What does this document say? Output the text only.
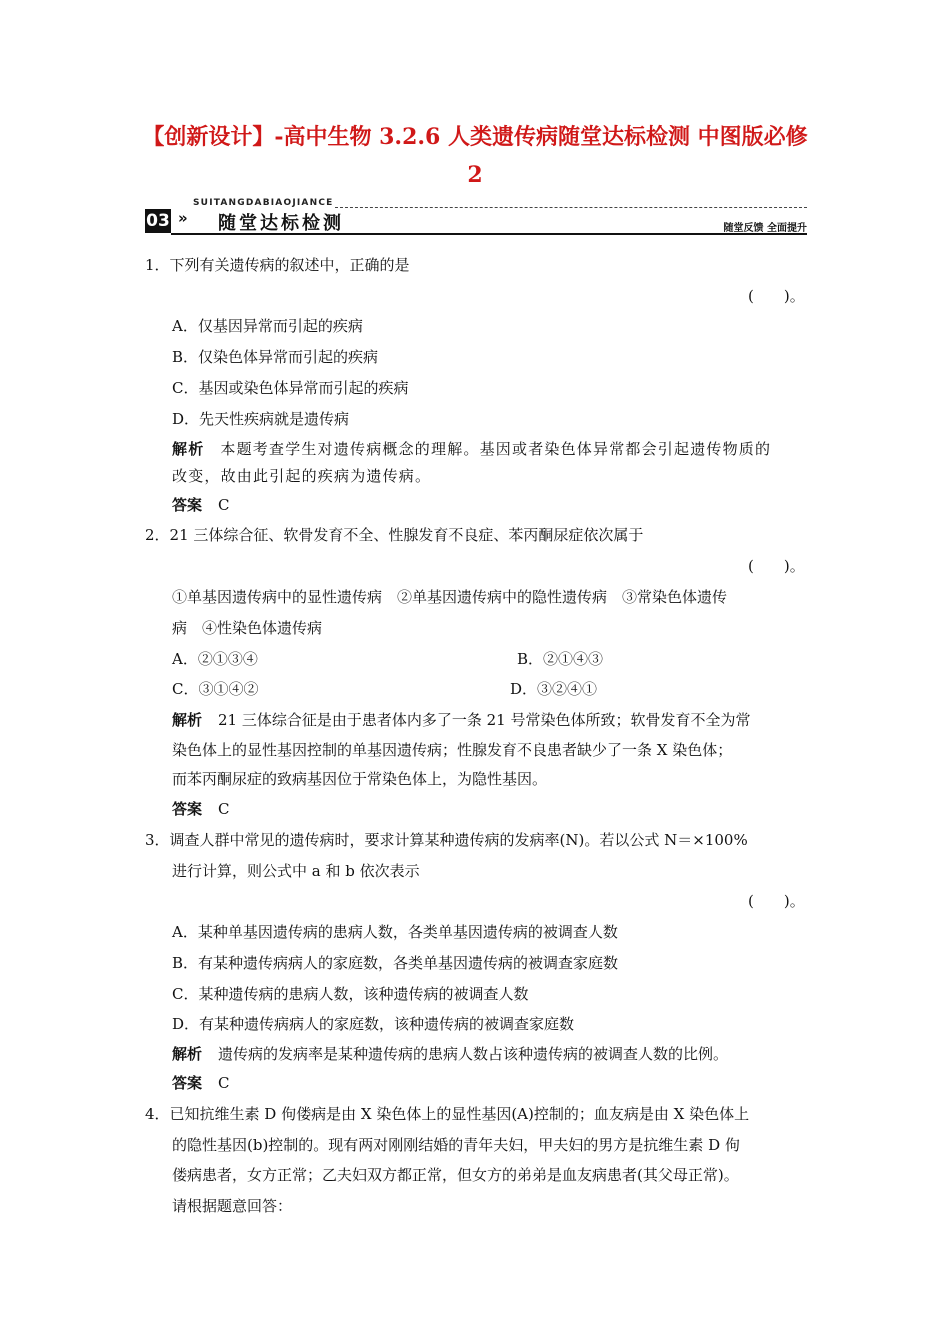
【创新设计】-高中生物 3.2.6 人类遗传病随堂达标检测 中图版必修
2
SUITANGDABIAOJIANCE
03 » 随堂达标检测	随堂反馈 全面提升
1．下列有关遗传病的叙述中，正确的是
(　　)。
A．仅基因异常而引起的疾病
B．仅染色体异常而引起的疾病
C．基因或染色体异常而引起的疾病
D．先天性疾病就是遗传病
解析 本题考查学生对遗传病概念的理解。基因或者染色体异常都会引起遗传物质的
改变，故由此引起的疾病为遗传病。
答案 C
2．21 三体综合征、软骨发育不全、性腺发育不良症、苯丙酮尿症依次属于
(　　)。
①单基因遗传病中的显性遗传病　②单基因遗传病中的隐性遗传病　③常染色体遗传
病　④性染色体遗传病
A．②①③④	B．②①④③
C．③①④②	D．③②④①
解析 21 三体综合征是由于患者体内多了一条 21 号常染色体所致；软骨发育不全为常
染色体上的显性基因控制的单基因遗传病；性腺发育不良患者缺少了一条 X 染色体；
而苯丙酮尿症的致病基因位于常染色体上，为隐性基因。
答案 C
3．调查人群中常见的遗传病时，要求计算某种遗传病的发病率(N)。若以公式 N＝×100%
进行计算，则公式中 a 和 b 依次表示
(　　)。
A．某种单基因遗传病的患病人数，各类单基因遗传病的被调查人数
B．有某种遗传病病人的家庭数，各类单基因遗传病的被调查家庭数
C．某种遗传病的患病人数，该种遗传病的被调查人数
D．有某种遗传病病人的家庭数，该种遗传病的被调查家庭数
解析 遗传病的发病率是某种遗传病的患病人数占该种遗传病的被调查人数的比例。
答案 C
4．已知抗维生素 D 佝偻病是由 X 染色体上的显性基因(A)控制的；血友病是由 X 染色体上
的隐性基因(b)控制的。现有两对刚刚结婚的青年夫妇，甲夫妇的男方是抗维生素 D 佝
偻病患者，女方正常；乙夫妇双方都正常，但女方的弟弟是血友病患者(其父母正常)。
请根据题意回答：
